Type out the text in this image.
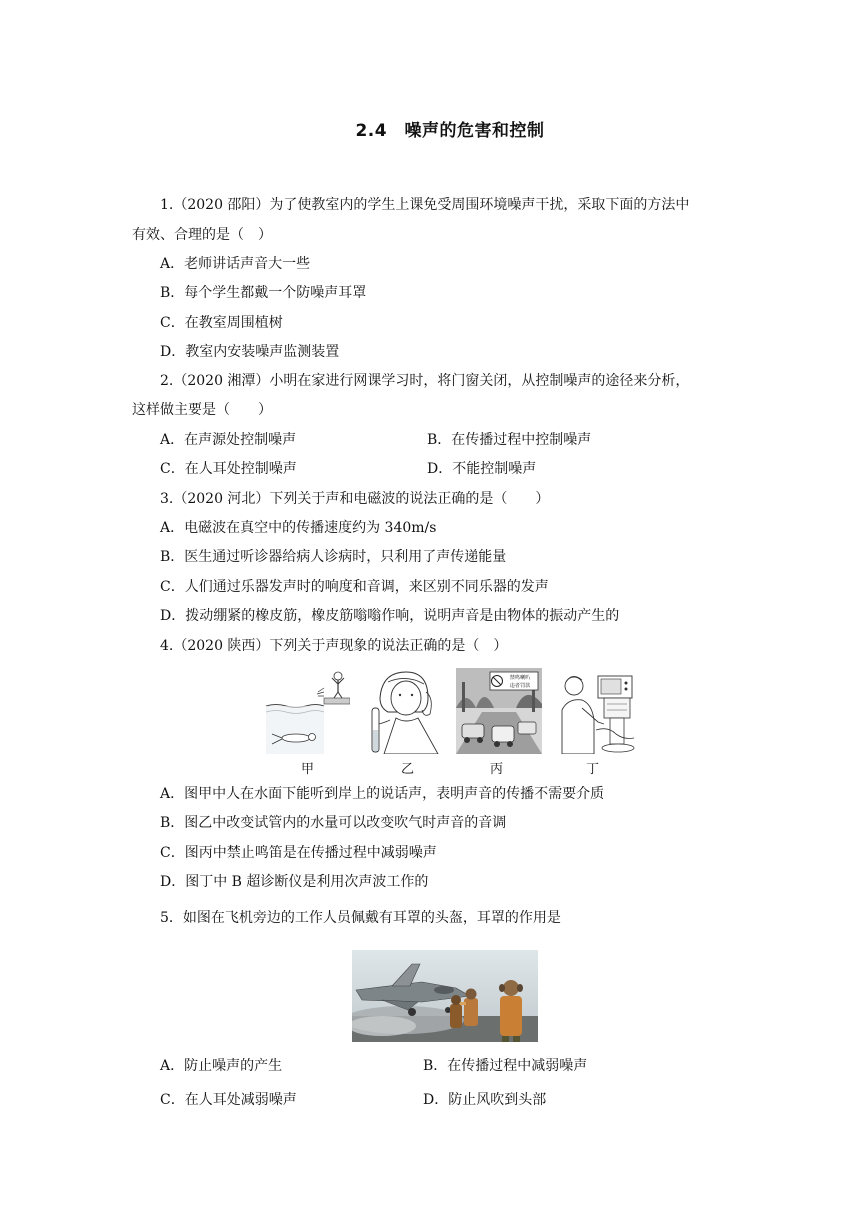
2.4　噪声的危害和控制
1.（2020 邵阳）为了使教室内的学生上课免受周围环境噪声干扰，采取下面的方法中
有效、合理的是（　）
A．老师讲话声音大一些
B．每个学生都戴一个防噪声耳罩
C．在教室周围植树
D．教室内安装噪声监测装置
2.（2020 湘潭）小明在家进行网课学习时，将门窗关闭，从控制噪声的途径来分析，
这样做主要是（　　）
A．在声源处控制噪声	B．在传播过程中控制噪声
C．在人耳处控制噪声	D．不能控制噪声
3.（2020 河北）下列关于声和电磁波的说法正确的是（　　）
A．电磁波在真空中的传播速度约为 340m/s
B．医生通过听诊器给病人诊病时，只利用了声传递能量
C．人们通过乐器发声时的响度和音调，来区别不同乐器的发声
D．拨动绷紧的橡皮筋，橡皮筋嗡嗡作响，说明声音是由物体的振动产生的
4.（2020 陕西）下列关于声现象的说法正确的是（　）
禁鸣喇叭
违者罚款
甲	乙	丙	丁
A．图甲中人在水面下能听到岸上的说话声，表明声音的传播不需要介质
B．图乙中改变试管内的水量可以改变吹气时声音的音调
C．图丙中禁止鸣笛是在传播过程中减弱噪声
D．图丁中 B 超诊断仪是利用次声波工作的
5．如图在飞机旁边的工作人员佩戴有耳罩的头盔，耳罩的作用是
A．防止噪声的产生	B．在传播过程中减弱噪声
C．在人耳处减弱噪声	D．防止风吹到头部
